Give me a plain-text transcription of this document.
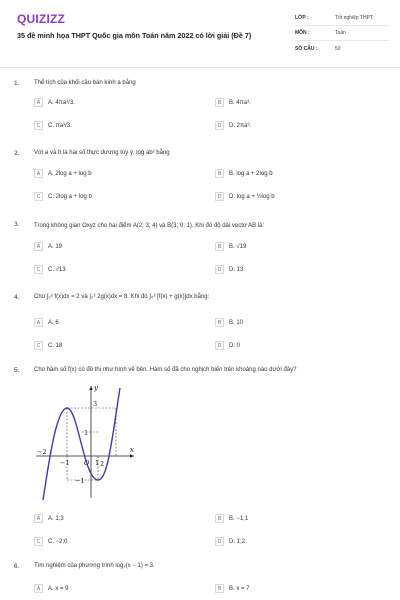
QUIZIZZ
35 đề minh họa THPT Quốc gia môn Toán năm 2022 có lời giải (Đề 7)
LỚP :	Tốt nghiệp THPT
MÔN :	Toán
SỐ CÂU :	50
1. Thể tích của khối cầu bán kính a bằng
A	A. 4πa³/3.	B	B. 4πa³.
C	C. πa³/3.	D	D. 2πa³.
2. Với a và b là hai số thực dương tùy ý, log ab² bằng
A	A. 2log a + log b	B	B. log a + 2log b
C	C. 2log a + log b	D	D. log a + ½log b
3. Trong không gian Oxyz cho hai điểm A(2; 3; 4) và B(3; 0; 1). Khi đó độ dài vectơ AB là:
A	A. 19	B	B. √19
C	C. √13	D	D. 13
4. Cho ∫₀² f(x)dx = 2 và ∫₀² 2g(x)dx = 8. Khi đó ∫₀² [f(x) + g(x)]dx bằng:
A	A. 6	B	B. 10
C	C. 18	D	D. 0
5. Cho hàm số f(x) có đồ thị như hình vẽ bên. Hàm số đã cho nghịch biến trên khoảng nào dưới đây?
y
x
O
−2
−1	1 2
3
1
−1
A	A. 1;3	B	B. −1;1
C	C. −2;0	D	D. 1;2
6. Tìm nghiệm của phương trình log₂(x − 1) = 3.
A	A. x = 9	B	B. x = 7
